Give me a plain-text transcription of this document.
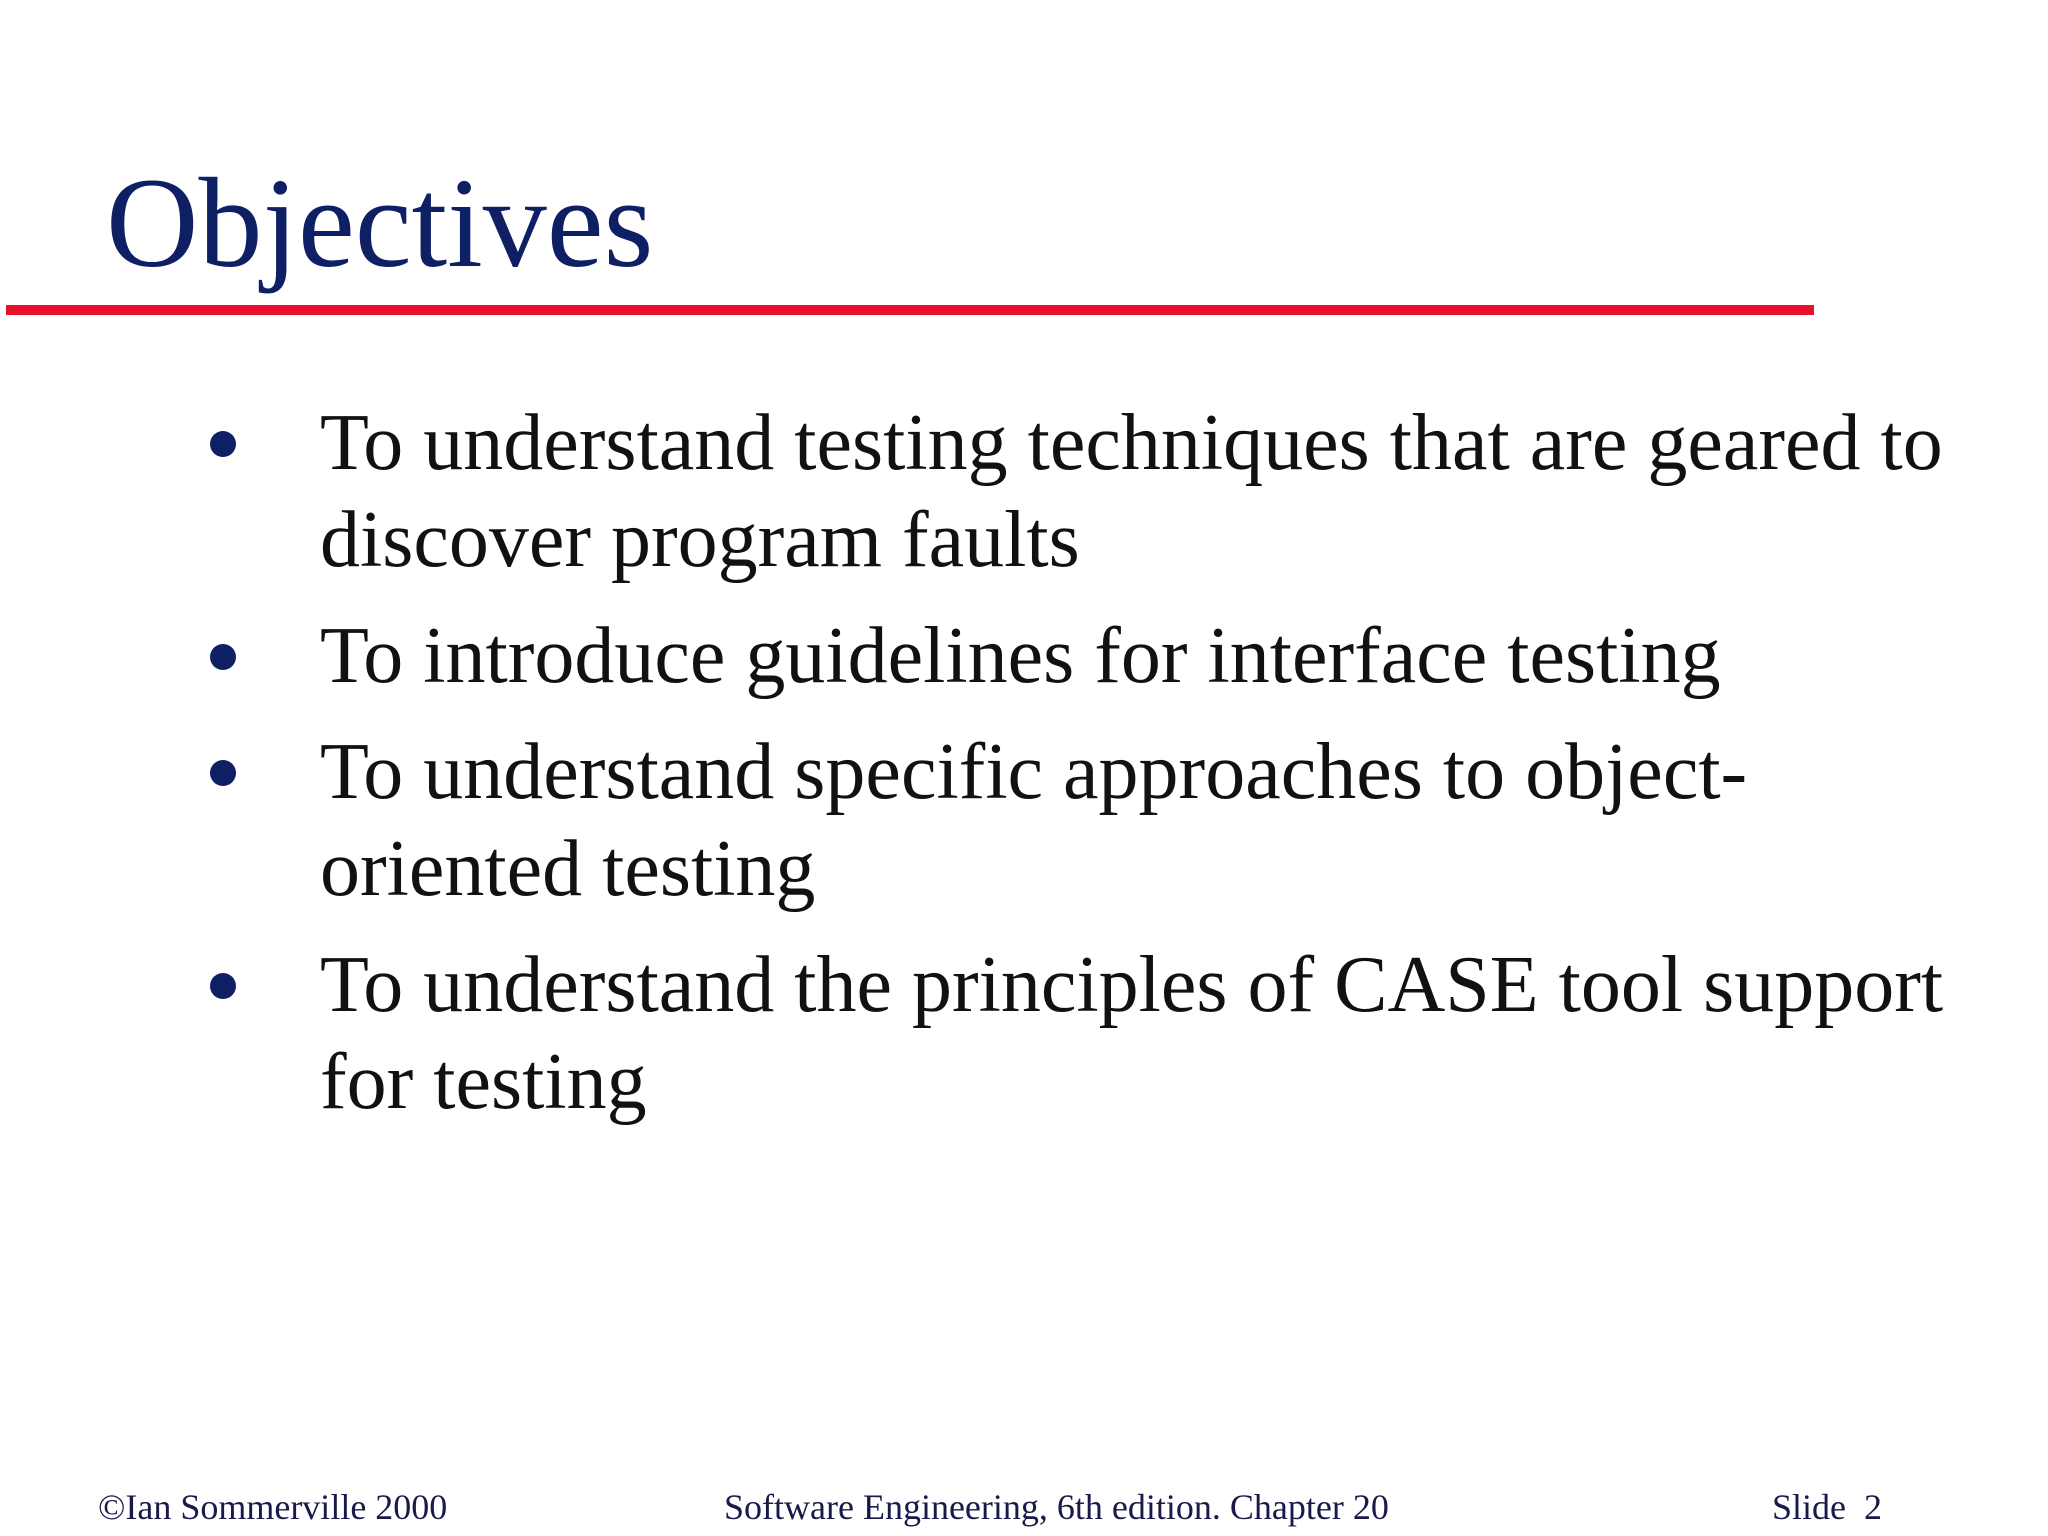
Objectives
To understand testing techniques that are geared to discover program faults
To introduce guidelines for interface testing
To understand specific approaches to object-oriented testing
To understand the principles of CASE tool support for testing
©Ian Sommerville 2000	Software Engineering, 6th edition. Chapter 20	Slide  2
